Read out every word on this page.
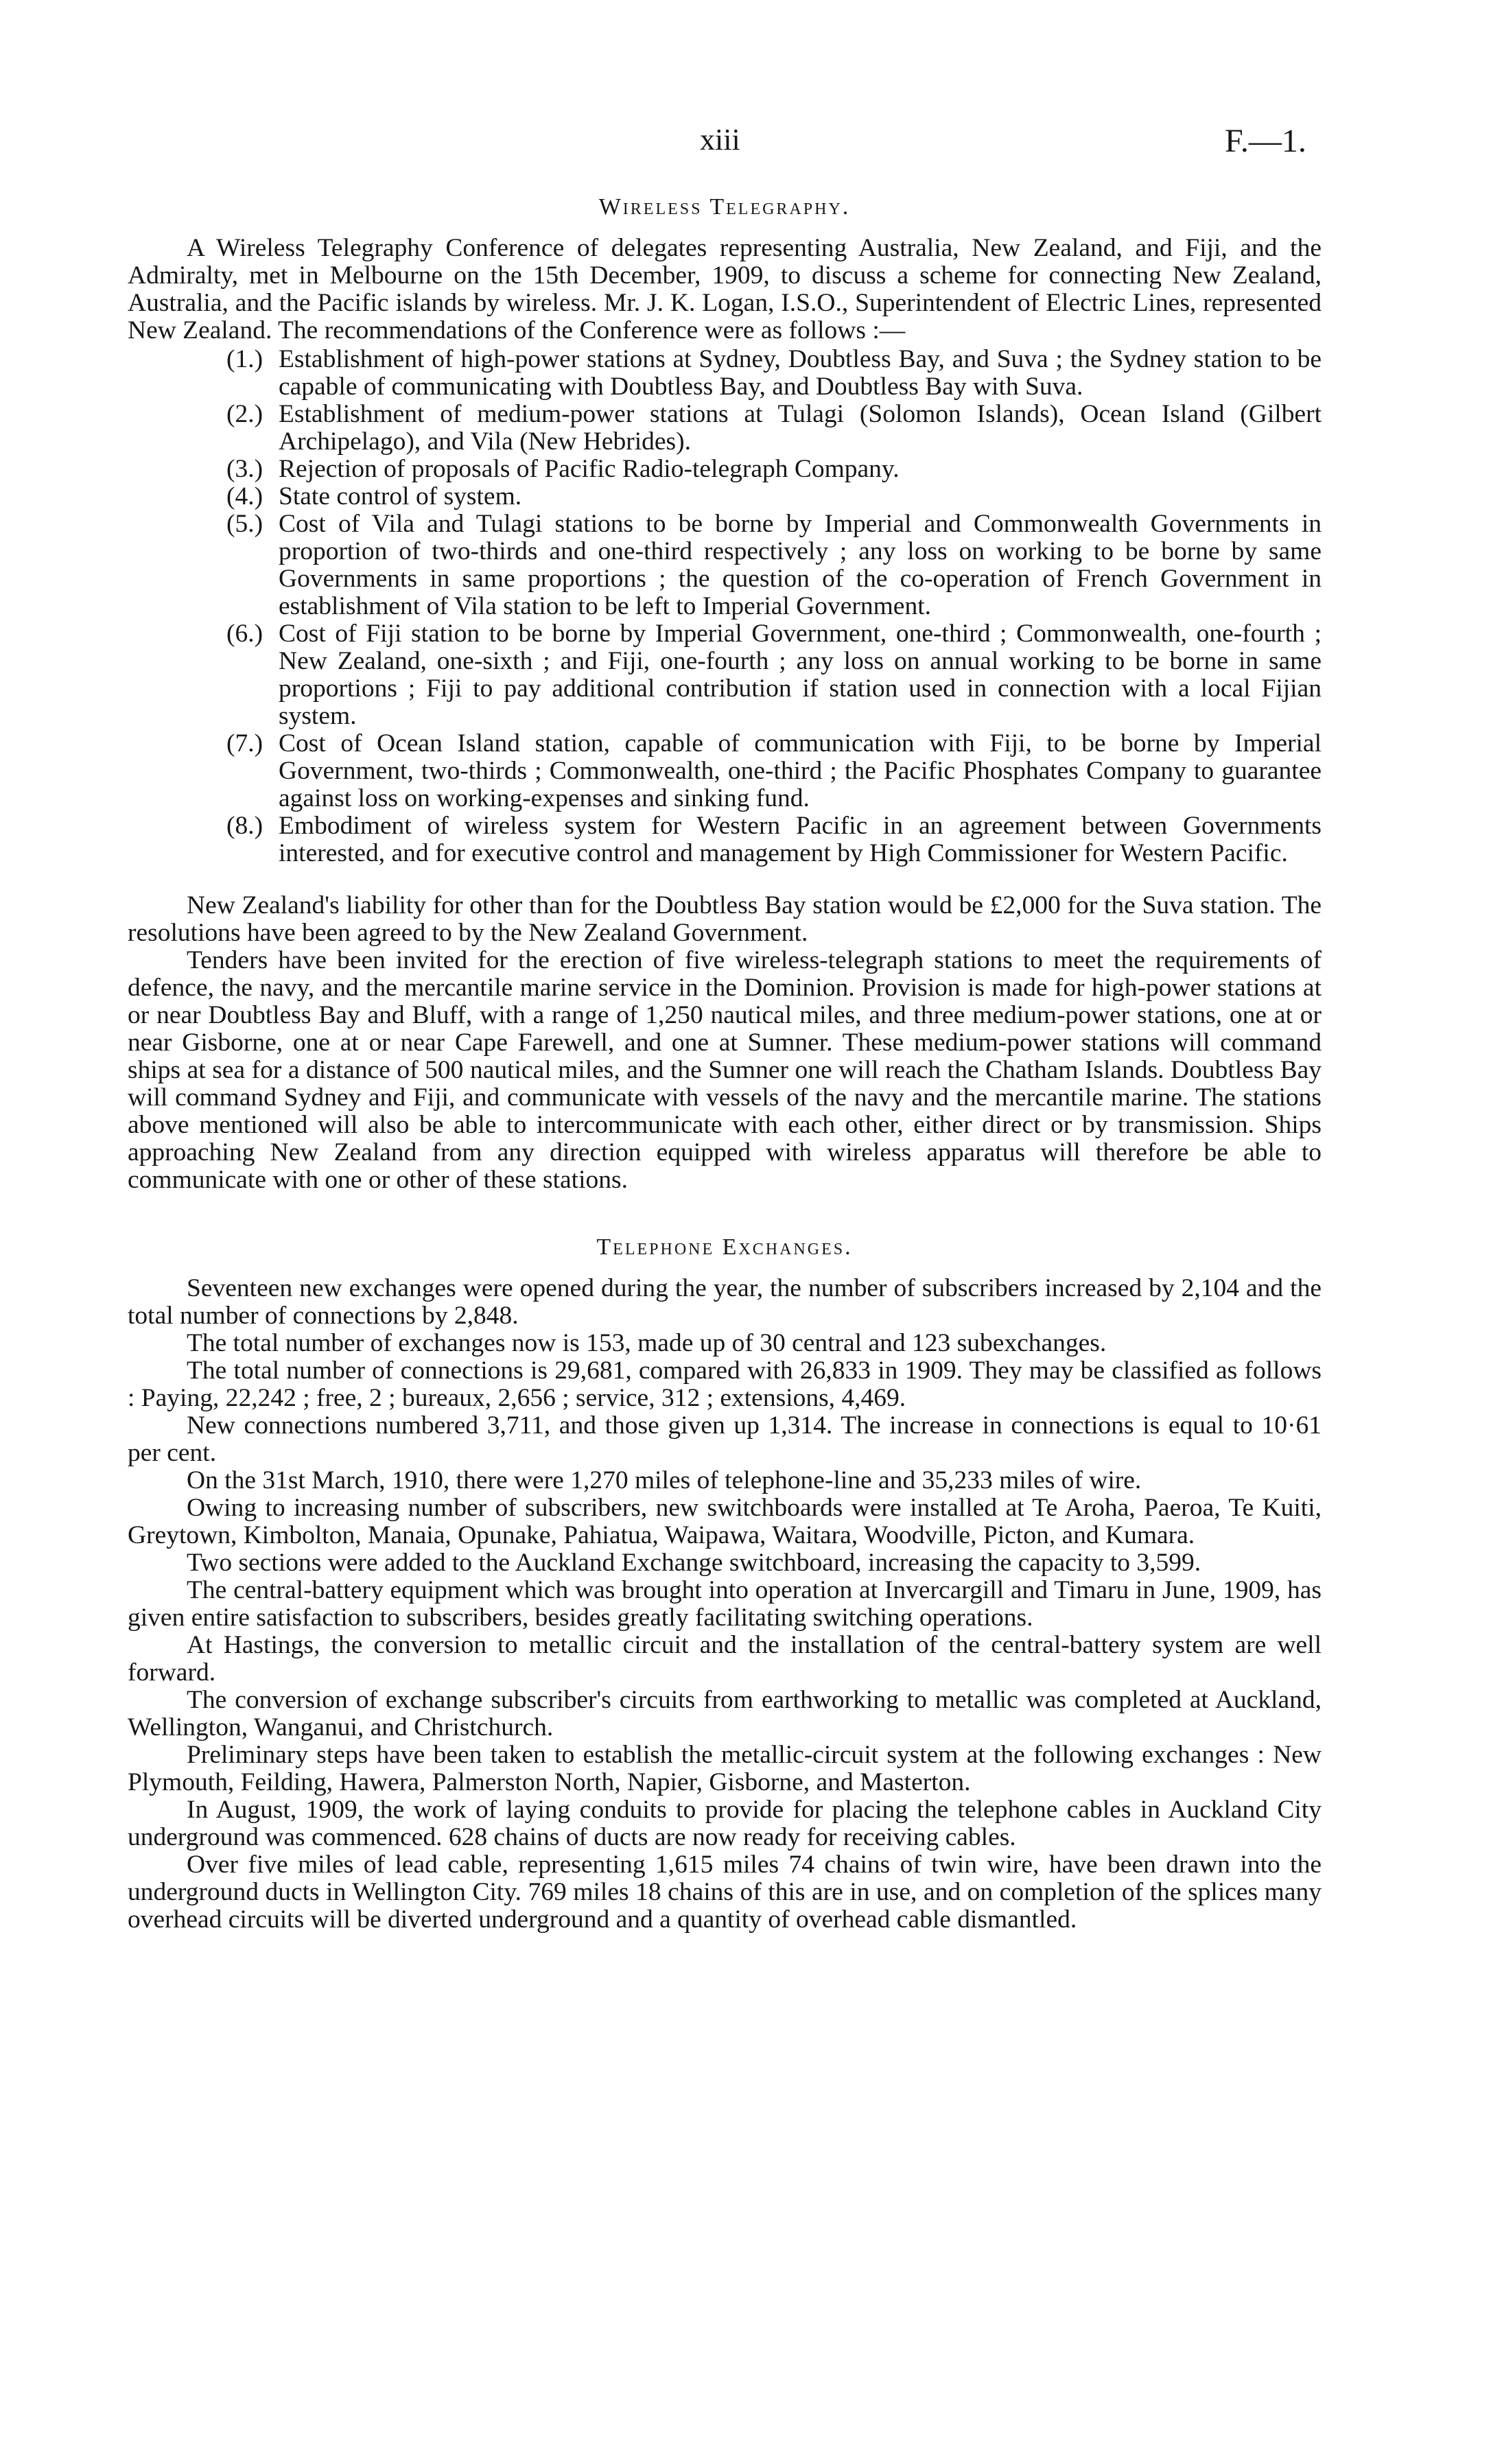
xiii	F.—1.
Wireless Telegraphy.

A Wireless Telegraphy Conference of delegates representing Australia, New Zealand, and Fiji, and the Admiralty, met in Melbourne on the 15th December, 1909, to discuss a scheme for connecting New Zealand, Australia, and the Pacific islands by wireless. Mr. J. K. Logan, I.S.O., Superintendent of Electric Lines, represented New Zealand. The recommendations of the Conference were as follows :—

(1.) Establishment of high-power stations at Sydney, Doubtless Bay, and Suva ; the Sydney station to be capable of communicating with Doubtless Bay, and Doubtless Bay with Suva.
(2.) Establishment of medium-power stations at Tulagi (Solomon Islands), Ocean Island (Gilbert Archipelago), and Vila (New Hebrides).
(3.) Rejection of proposals of Pacific Radio-telegraph Company.
(4.) State control of system.
(5.) Cost of Vila and Tulagi stations to be borne by Imperial and Commonwealth Governments in proportion of two-thirds and one-third respectively ; any loss on working to be borne by same Governments in same proportions ; the question of the co-operation of French Government in establishment of Vila station to be left to Imperial Government.
(6.) Cost of Fiji station to be borne by Imperial Government, one-third ; Commonwealth, one-fourth ; New Zealand, one-sixth ; and Fiji, one-fourth ; any loss on annual working to be borne in same proportions ; Fiji to pay additional contribution if station used in connection with a local Fijian system.
(7.) Cost of Ocean Island station, capable of communication with Fiji, to be borne by Imperial Government, two-thirds ; Commonwealth, one-third ; the Pacific Phosphates Company to guarantee against loss on working-expenses and sinking fund.
(8.) Embodiment of wireless system for Western Pacific in an agreement between Governments interested, and for executive control and management by High Commissioner for Western Pacific.

New Zealand's liability for other than for the Doubtless Bay station would be £2,000 for the Suva station. The resolutions have been agreed to by the New Zealand Government.

Tenders have been invited for the erection of five wireless-telegraph stations to meet the requirements of defence, the navy, and the mercantile marine service in the Dominion. Provision is made for high-power stations at or near Doubtless Bay and Bluff, with a range of 1,250 nautical miles, and three medium-power stations, one at or near Gisborne, one at or near Cape Farewell, and one at Sumner. These medium-power stations will command ships at sea for a distance of 500 nautical miles, and the Sumner one will reach the Chatham Islands. Doubtless Bay will command Sydney and Fiji, and communicate with vessels of the navy and the mercantile marine. The stations above mentioned will also be able to intercommunicate with each other, either direct or by transmission. Ships approaching New Zealand from any direction equipped with wireless apparatus will therefore be able to communicate with one or other of these stations.

Telephone Exchanges.

Seventeen new exchanges were opened during the year, the number of subscribers increased by 2,104 and the total number of connections by 2,848.

The total number of exchanges now is 153, made up of 30 central and 123 subexchanges.

The total number of connections is 29,681, compared with 26,833 in 1909. They may be classified as follows : Paying, 22,242 ; free, 2 ; bureaux, 2,656 ; service, 312 ; extensions, 4,469.

New connections numbered 3,711, and those given up 1,314. The increase in connections is equal to 10·61 per cent.

On the 31st March, 1910, there were 1,270 miles of telephone-line and 35,233 miles of wire.

Owing to increasing number of subscribers, new switchboards were installed at Te Aroha, Paeroa, Te Kuiti, Greytown, Kimbolton, Manaia, Opunake, Pahiatua, Waipawa, Waitara, Woodville, Picton, and Kumara.

Two sections were added to the Auckland Exchange switchboard, increasing the capacity to 3,599.

The central-battery equipment which was brought into operation at Invercargill and Timaru in June, 1909, has given entire satisfaction to subscribers, besides greatly facilitating switching operations.

At Hastings, the conversion to metallic circuit and the installation of the central-battery system are well forward.

The conversion of exchange subscriber's circuits from earthworking to metallic was completed at Auckland, Wellington, Wanganui, and Christchurch.

Preliminary steps have been taken to establish the metallic-circuit system at the following exchanges : New Plymouth, Feilding, Hawera, Palmerston North, Napier, Gisborne, and Masterton.

In August, 1909, the work of laying conduits to provide for placing the telephone cables in Auckland City underground was commenced. 628 chains of ducts are now ready for receiving cables.

Over five miles of lead cable, representing 1,615 miles 74 chains of twin wire, have been drawn into the underground ducts in Wellington City. 769 miles 18 chains of this are in use, and on completion of the splices many overhead circuits will be diverted underground and a quantity of overhead cable dismantled.
